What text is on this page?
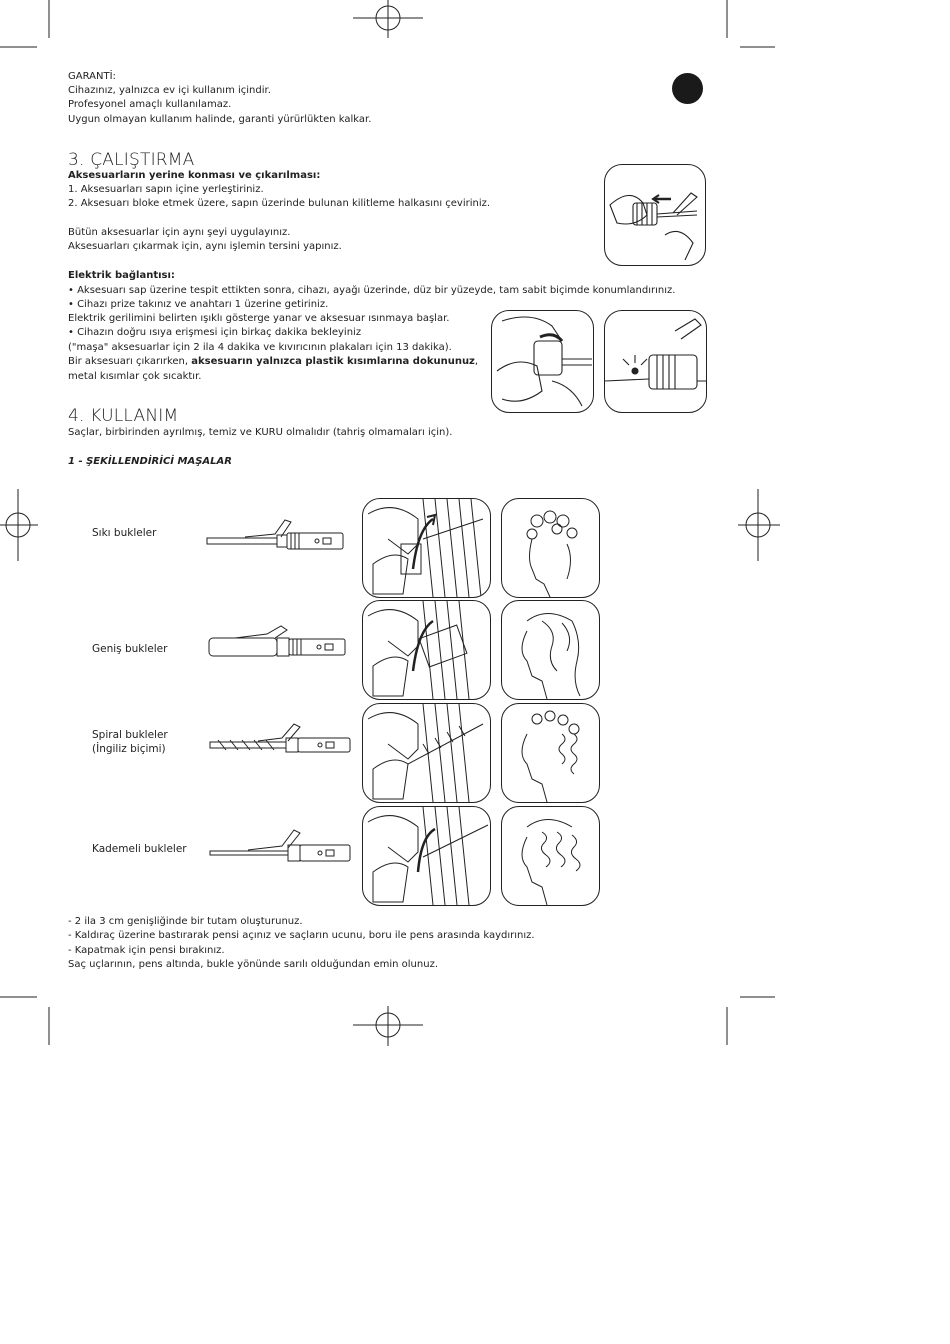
GARANTİ:
Cihazınız, yalnızca ev içi kullanım içindir.
Profesyonel amaçlı kullanılamaz.
Uygun olmayan kullanım halinde, garanti yürürlükten kalkar.
3. ÇALIŞTIRMA
Aksesuarların yerine konması ve çıkarılması:
1. Aksesuarları sapın içine yerleştiriniz.
2. Aksesuarı bloke etmek üzere, sapın üzerinde bulunan kilitleme halkasını çeviriniz.
Bütün aksesuarlar için aynı şeyi uygulayınız.
Aksesuarları çıkarmak için, aynı işlemin tersini yapınız.
Elektrik bağlantısı:
• Aksesuarı sap üzerine tespit ettikten sonra, cihazı, ayağı üzerinde, düz bir yüzeyde, tam sabit biçimde konumlandırınız.
• Cihazı prize takınız ve anahtarı 1 üzerine getiriniz.
Elektrik gerilimini belirten ışıklı gösterge yanar ve aksesuar ısınmaya başlar.
• Cihazın doğru ısıya erişmesi için birkaç dakika bekleyiniz
("maşa" aksesuarlar için 2 ila 4 dakika ve kıvırıcının plakaları için 13 dakika).
Bir aksesuarı çıkarırken, aksesuarın yalnızca plastik kısımlarına dokununuz,
metal kısımlar çok sıcaktır.
4. KULLANIM
Saçlar, birbirinden ayrılmış, temiz ve KURU olmalıdır (tahriş olmamaları için).
1 - ŞEKİLLENDİRİCİ MAŞALAR
Sıkı bukleler
Geniş bukleler
Spiral bukleler
(İngiliz biçimi)
Kademeli bukleler
- 2 ila 3 cm genişliğinde bir tutam oluşturunuz.
- Kaldıraç üzerine bastırarak pensi açınız ve saçların ucunu, boru ile pens arasında kaydırınız.
- Kapatmak için pensi bırakınız.
Saç uçlarının, pens altında, bukle yönünde sarılı olduğundan emin olunuz.
